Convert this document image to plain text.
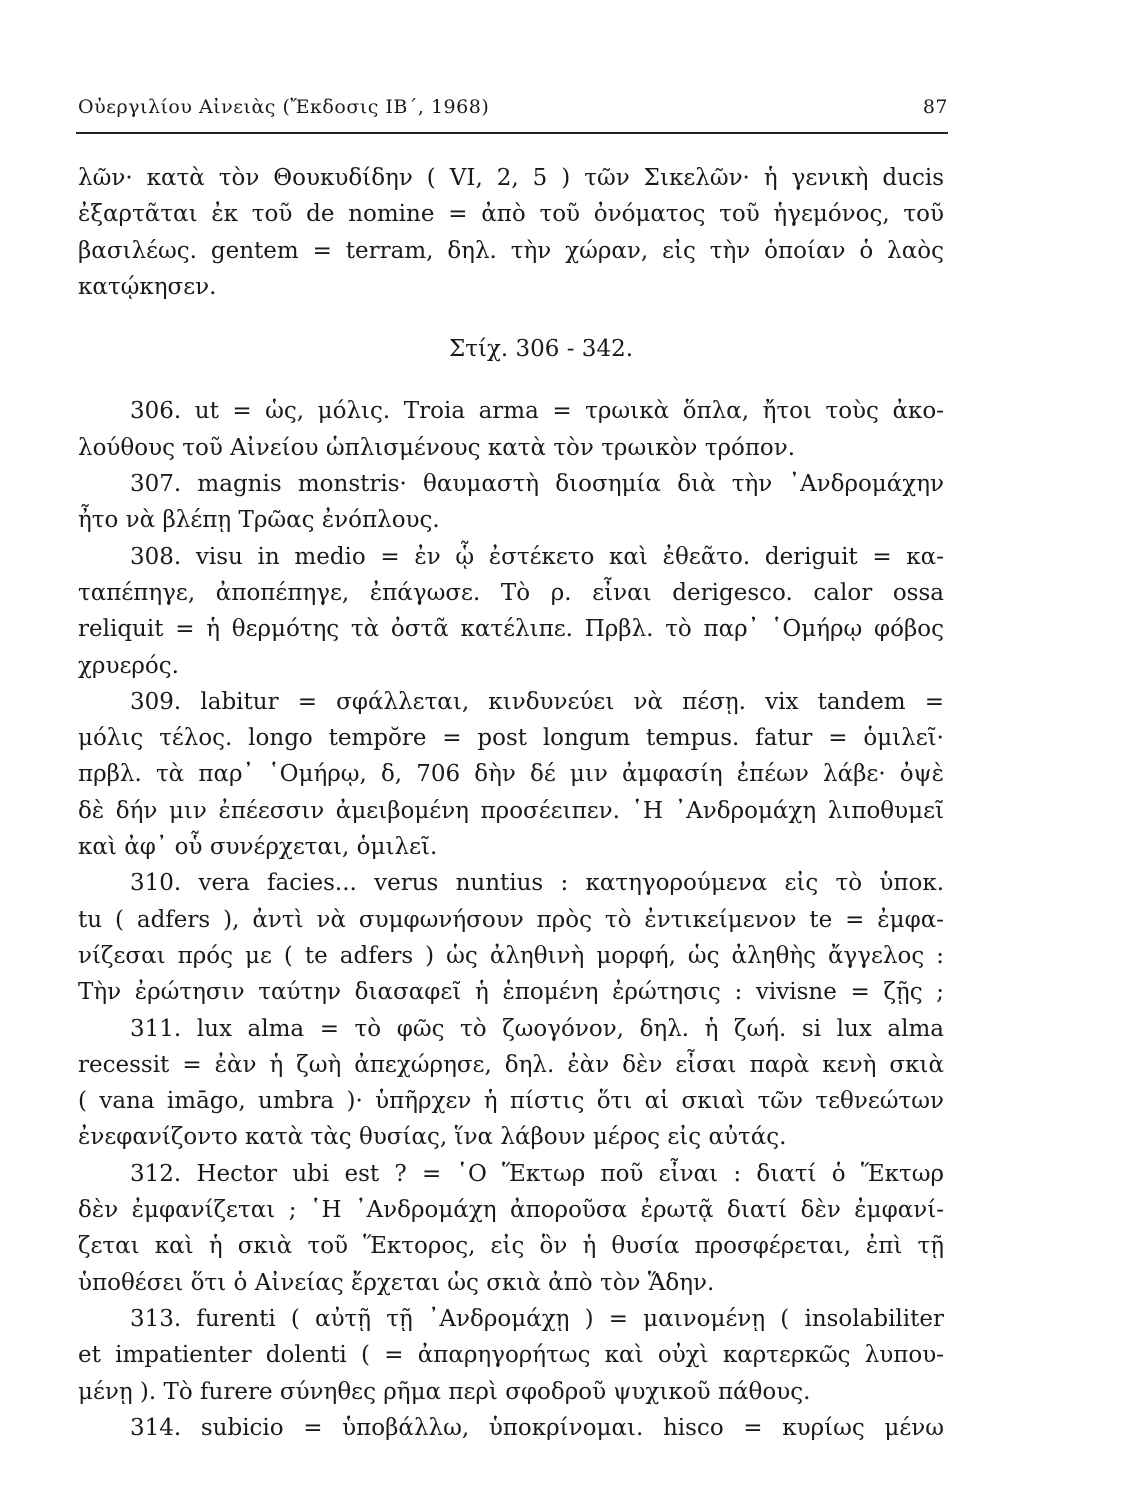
Οὐεργιλίου Αἰνειὰς (Ἔκδοσις ΙΒ΄, 1968)	87
λῶν· κατὰ τὸν Θουκυδίδην ( VI, 2, 5 ) τῶν Σικελῶν· ἡ γενικὴ ducis
ἐξαρτᾶται ἐκ τοῦ de nomine = ἀπὸ τοῦ ὀνόματος τοῦ ἡγεμόνος, τοῦ
βασιλέως. gentem = terram, δηλ. τὴν χώραν, εἰς τὴν ὁποίαν ὁ λαὸς
κατῴκησεν.
Στίχ. 306 - 342.
306. ut = ὡς, μόλις. Troia arma = τρωικὰ ὅπλα, ἤτοι τοὺς ἀκο-
λούθους τοῦ Αἰνείου ὡπλισμένους κατὰ τὸν τρωικὸν τρόπον.
307. magnis monstris· θαυμαστὴ διοσημία διὰ τὴν ᾿Ανδρομάχην
ἦτο νὰ βλέπῃ Τρῶας ἐνόπλους.
308. visu in medio = ἐν ᾧ ἐστέκετο καὶ ἐθεᾶτο. deriguit = κα-
ταπέπηγε, ἀποπέπηγε, ἐπάγωσε. Τὸ ρ. εἶναι derigesco. calor ossa
reliquit = ἡ θερμότης τὰ ὀστᾶ κατέλιπε. Πρβλ. τὸ παρ᾿ ῾Ομήρῳ φόβος
χρυερός.
309. labitur = σφάλλεται, κινδυνεύει νὰ πέσῃ. vix tandem =
μόλις τέλος. longo tempŏre = post longum tempus. fatur = ὁμιλεῖ·
πρβλ. τὰ παρ᾿ ῾Ομήρῳ, δ, 706 δὴν δέ μιν ἀμφασίη ἐπέων λάβε· ὀψὲ
δὲ δήν μιν ἐπέεσσιν ἀμειβομένη προσέειπεν. ῾Η ᾿Ανδρομάχη λιποθυμεῖ
καὶ ἀφ᾿ οὗ συνέρχεται, ὁμιλεῖ.
310. vera facies... verus nuntius : κατηγορούμενα εἰς τὸ ὑποκ.
tu ( adfers ), ἀντὶ νὰ συμφωνήσουν πρὸς τὸ ἐντικείμενον te = ἐμφα-
νίζεσαι πρός με ( te adfers ) ὡς ἀληθινὴ μορφή, ὡς ἀληθὴς ἄγγελος :
Τὴν ἐρώτησιν ταύτην διασαφεῖ ἡ ἑπομένη ἐρώτησις : vivisne = ζῇς ;
311. lux alma = τὸ φῶς τὸ ζωογόνον, δηλ. ἡ ζωή. si lux alma
recessit = ἐὰν ἡ ζωὴ ἀπεχώρησε, δηλ. ἐὰν δὲν εἶσαι παρὰ κενὴ σκιὰ
( vana imāgo, umbra )· ὑπῆρχεν ἡ πίστις ὅτι αἱ σκιαὶ τῶν τεθνεώτων
ἐνεφανίζοντο κατὰ τὰς θυσίας, ἵνα λάβουν μέρος εἰς αὐτάς.
312. Hector ubi est ? = ῾Ο Ἕκτωρ ποῦ εἶναι : διατί ὁ Ἕκτωρ
δὲν ἐμφανίζεται ; ῾Η ᾿Ανδρομάχη ἀποροῦσα ἐρωτᾷ διατί δὲν ἐμφανί-
ζεται καὶ ἡ σκιὰ τοῦ Ἕκτορος, εἰς ὃν ἡ θυσία προσφέρεται, ἐπὶ τῇ
ὑποθέσει ὅτι ὁ Αἰνείας ἔρχεται ὡς σκιὰ ἀπὸ τὸν Ἅδην.
313. furenti ( αὐτῇ τῇ ᾿Ανδρομάχῃ ) = μαινομένῃ ( insolabiliter
et impatienter dolenti ( = ἀπαρηγορήτως καὶ οὐχὶ καρτερκῶς λυπου-
μένῃ ). Τὸ furere σύνηθες ρῆμα περὶ σφοδροῦ ψυχικοῦ πάθους.
314. subicio = ὑποβάλλω, ὑποκρίνομαι. hisco = κυρίως μένω
